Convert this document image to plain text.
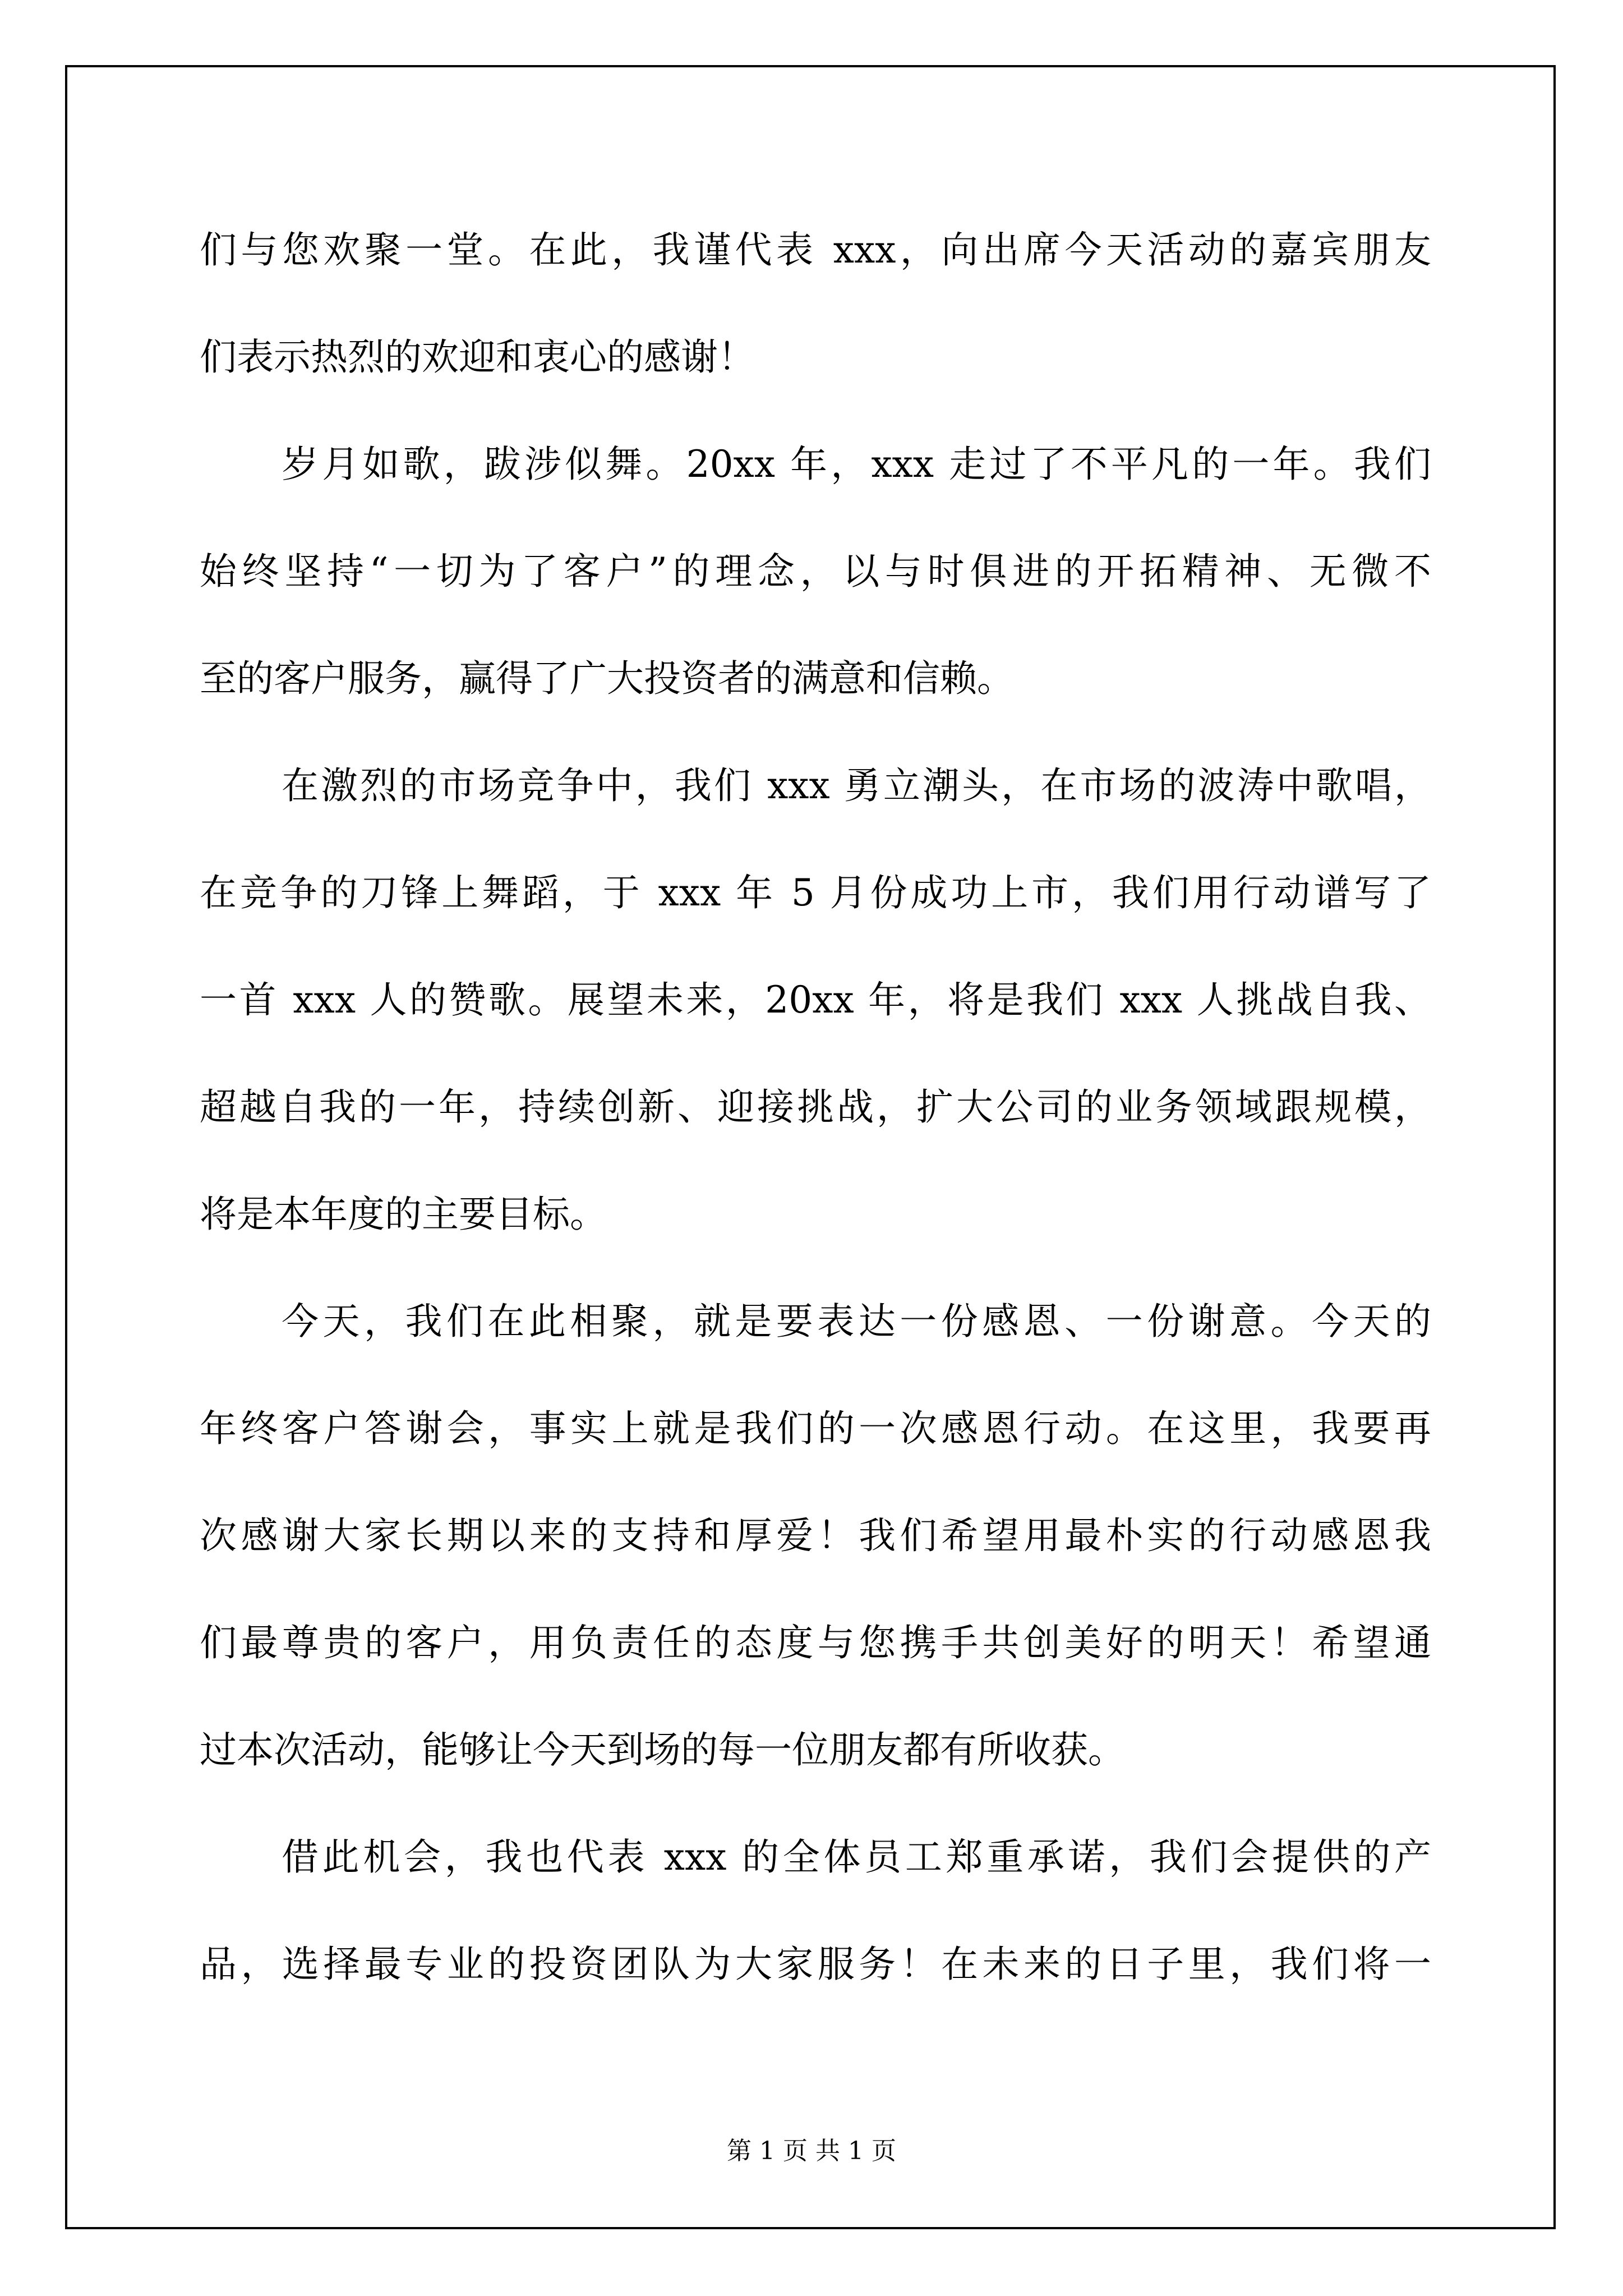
们与您欢聚一堂。在此，我谨代表 xxx，向出席今天活动的嘉宾朋友
们表示热烈的欢迎和衷心的感谢！
岁月如歌，跋涉似舞。20xx 年，xxx 走过了不平凡的一年。我们
始终坚持“一切为了客户”的理念，以与时俱进的开拓精神、无微不
至的客户服务，赢得了广大投资者的满意和信赖。
在激烈的市场竞争中，我们 xxx 勇立潮头，在市场的波涛中歌唱，
在竞争的刀锋上舞蹈，于 xxx 年 5 月份成功上市，我们用行动谱写了
一首 xxx 人的赞歌。展望未来，20xx 年，将是我们 xxx 人挑战自我、
超越自我的一年，持续创新、迎接挑战，扩大公司的业务领域跟规模，
将是本年度的主要目标。
今天，我们在此相聚，就是要表达一份感恩、一份谢意。今天的
年终客户答谢会，事实上就是我们的一次感恩行动。在这里，我要再
次感谢大家长期以来的支持和厚爱！我们希望用最朴实的行动感恩我
们最尊贵的客户，用负责任的态度与您携手共创美好的明天！希望通
过本次活动，能够让今天到场的每一位朋友都有所收获。
借此机会，我也代表 xxx 的全体员工郑重承诺，我们会提供的产
品，选择最专业的投资团队为大家服务！在未来的日子里，我们将一
第 1 页 共 1 页
